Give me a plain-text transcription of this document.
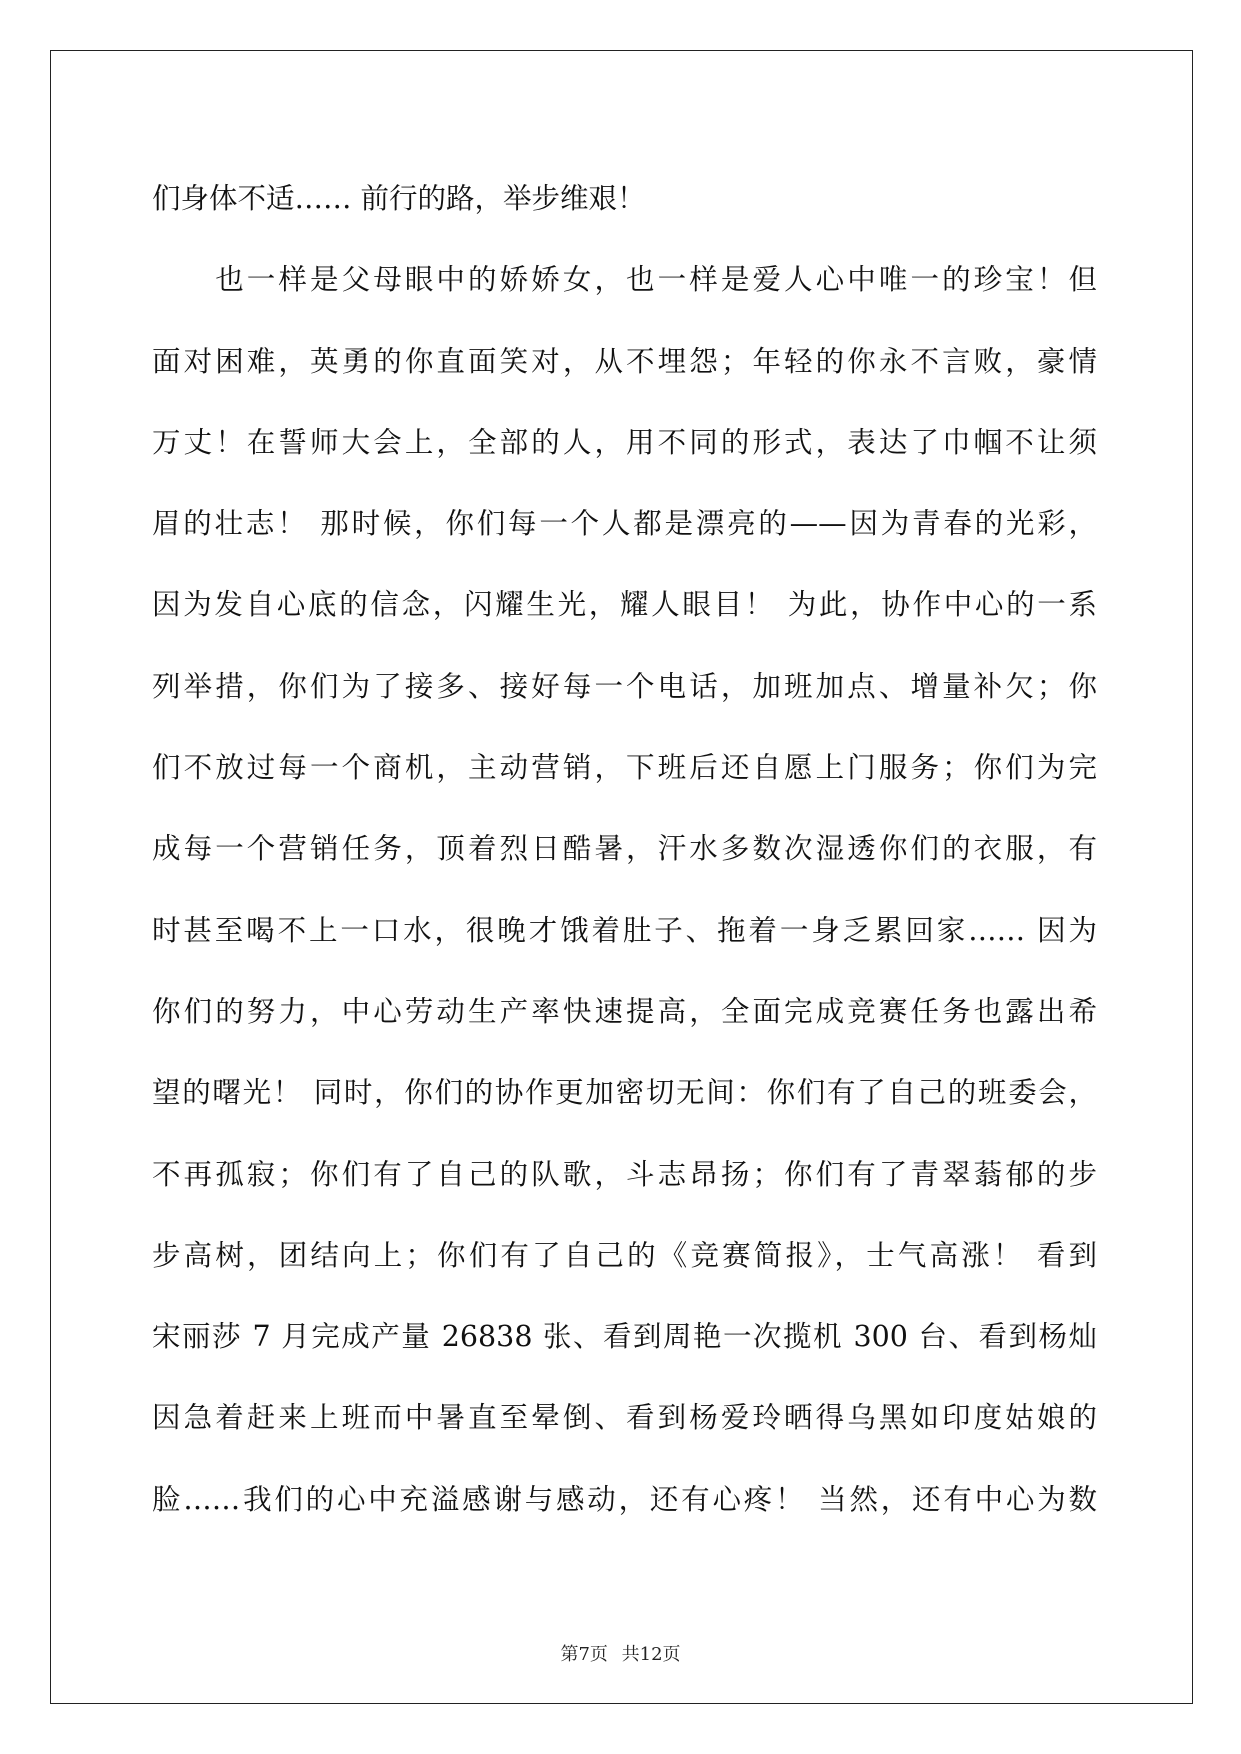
们身体不适…… 前行的路，举步维艰！
　　也一样是父母眼中的娇娇女，也一样是爱人心中唯一的珍宝！但
面对困难，英勇的你直面笑对，从不埋怨；年轻的你永不言败，豪情
万丈！在誓师大会上，全部的人，用不同的形式，表达了巾帼不让须
眉的壮志！ 那时候，你们每一个人都是漂亮的——因为青春的光彩，
因为发自心底的信念，闪耀生光，耀人眼目！ 为此，协作中心的一系
列举措，你们为了接多、接好每一个电话，加班加点、增量补欠；你
们不放过每一个商机，主动营销，下班后还自愿上门服务；你们为完
成每一个营销任务，顶着烈日酷暑，汗水多数次湿透你们的衣服，有
时甚至喝不上一口水，很晚才饿着肚子、拖着一身乏累回家…… 因为
你们的努力，中心劳动生产率快速提高，全面完成竞赛任务也露出希
望的曙光！ 同时，你们的协作更加密切无间：你们有了自己的班委会，
不再孤寂；你们有了自己的队歌，斗志昂扬；你们有了青翠蓊郁的步
步高树，团结向上；你们有了自己的《竞赛简报》，士气高涨！ 看到
宋丽莎 7 月完成产量 26838 张、看到周艳一次揽机 300 台、看到杨灿
因急着赶来上班而中暑直至晕倒、看到杨爱玲晒得乌黑如印度姑娘的
脸……我们的心中充溢感谢与感动，还有心疼！ 当然，还有中心为数
第7页 共12页
